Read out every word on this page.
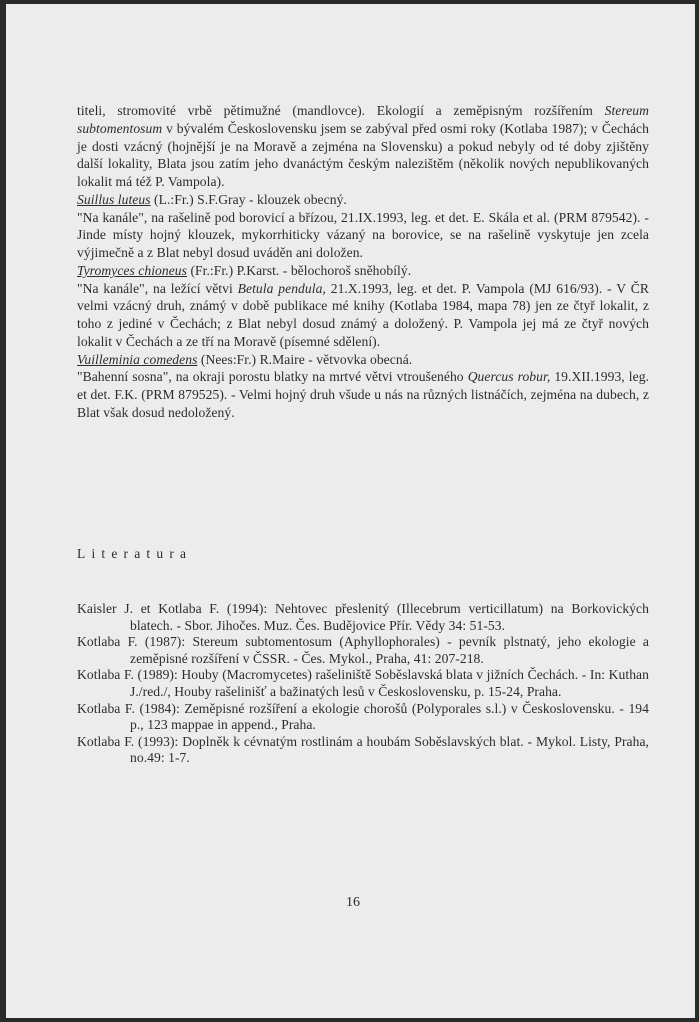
titeli, stromovité vrbě pětimužné (mandlovce). Ekologií a zeměpisným rozšířením Stereum subtomentosum v bývalém Československu jsem se zabýval před osmi roky (Kotlaba 1987); v Čechách je dosti vzácný (hojnější je na Moravě a zejména na Slovensku) a pokud nebyly od té doby zjištěny další lokality, Blata jsou zatím jeho dvanáctým českým nalezištěm (několik nových nepublikovaných lokalit má též P. Vampola).

Suillus luteus (L.:Fr.) S.F.Gray - klouzek obecný.

"Na kanále", na rašelině pod borovicí a břízou, 21.IX.1993, leg. et det. E. Skála et al. (PRM 879542). - Jinde místy hojný klouzek, mykorrhiticky vázaný na borovice, se na rašelině vyskytuje jen zcela výjimečně a z Blat nebyl dosud uváděn ani doložen.

Tyromyces chioneus (Fr.:Fr.) P.Karst. - bělochoroš sněhobílý.

"Na kanále", na ležící větvi Betula pendula, 21.X.1993, leg. et det. P. Vampola (MJ 616/93). - V ČR velmi vzácný druh, známý v době publikace mé knihy (Kotlaba 1984, mapa 78) jen ze čtyř lokalit, z toho z jediné v Čechách; z Blat nebyl dosud známý a doložený. P. Vampola jej má ze čtyř nových lokalit v Čechách a ze tří na Moravě (písemné sdělení).

Vuilleminia comedens (Nees:Fr.) R.Maire - větvovka obecná.

"Bahenní sosna", na okraji porostu blatky na mrtvé větvi vtroušeného Quercus robur, 19.XII.1993, leg. et det. F.K. (PRM 879525). - Velmi hojný druh všude u nás na různých listnáčích, zejména na dubech, z Blat však dosud nedoložený.

Literatura

Kaisler J. et Kotlaba F. (1994): Nehtovec přeslenitý (Illecebrum verticillatum) na Borkovických blatech. - Sbor. Jihočes. Muz. Čes. Budějovice Přír. Vědy 34: 51-53.

Kotlaba F. (1987): Stereum subtomentosum (Aphyllophorales) - pevník plstnatý, jeho ekologie a zeměpisné rozšíření v ČSSR. - Čes. Mykol., Praha, 41: 207-218.

Kotlaba F. (1989): Houby (Macromycetes) rašeliniště Soběslavská blata v jižních Čechách. - In: Kuthan J./red./, Houby rašelinišť a bažinatých lesů v Československu, p. 15-24, Praha.

Kotlaba F. (1984): Zeměpisné rozšíření a ekologie chorošů (Polyporales s.l.) v Československu. - 194 p., 123 mappae in append., Praha.

Kotlaba F. (1993): Doplněk k cévnatým rostlinám a houbám Soběslavských blat. - Mykol. Listy, Praha, no.49: 1-7.

16
